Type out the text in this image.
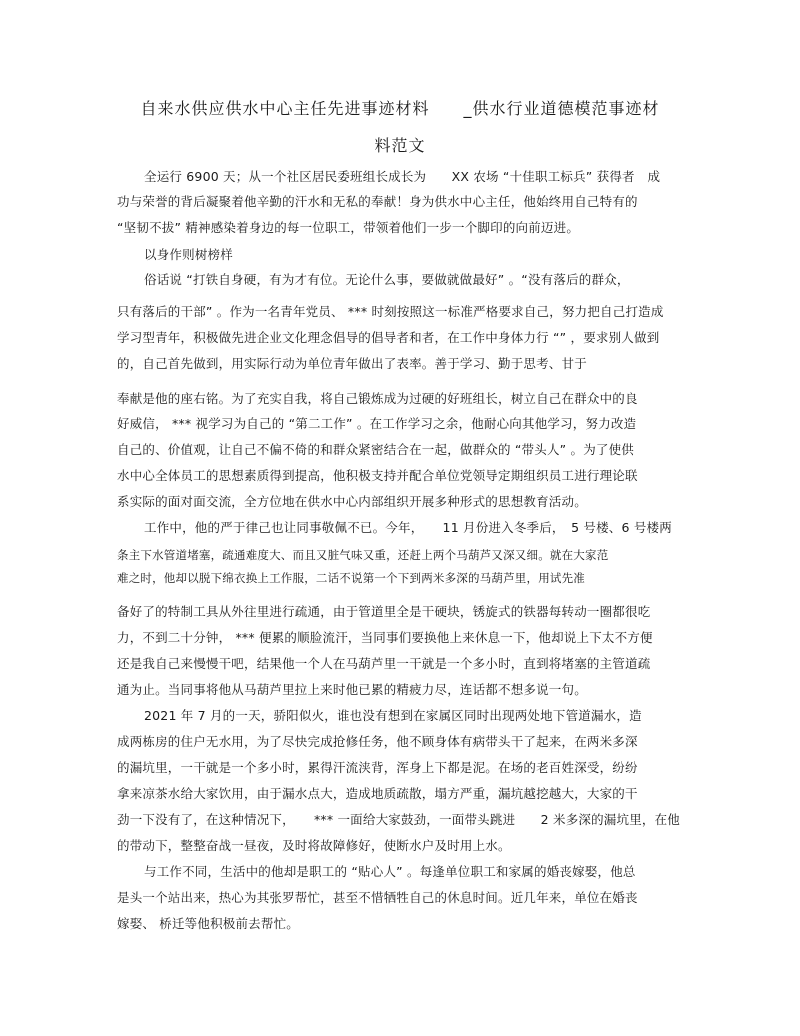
自来水供应供水中心主任先进事迹材料　　_供水行业道德模范事迹材
料范文
全运行 6900 天；从一个社区居民委班组长成长为　　XX 农场 “十佳职工标兵” 获得者　成
功与荣誉的背后凝聚着他辛勤的汗水和无私的奉献！身为供水中心主任，他始终用自己特有的
“坚韧不拔” 精神感染着身边的每一位职工，带领着他们一步一个脚印的向前迈进。
以身作则树榜样
俗话说 “打铁自身硬，有为才有位。无论什么事，要做就做最好” 。“没有落后的群众，
只有落后的干部” 。作为一名青年党员、 *** 时刻按照这一标准严格要求自己，努力把自己打造成
学习型青年，积极做先进企业文化理念倡导的倡导者和者，在工作中身体力行 “” ，要求别人做到
的，自己首先做到，用实际行动为单位青年做出了表率。善于学习、勤于思考、甘于
奉献是他的座右铭。为了充实自我，将自己锻炼成为过硬的好班组长，树立自己在群众中的良
好威信， *** 视学习为自己的 “第二工作” 。在工作学习之余，他耐心向其他学习，努力改造
自己的、价值观，让自己不偏不倚的和群众紧密结合在一起，做群众的 “带头人” 。为了使供
水中心全体员工的思想素质得到提高，他积极支持并配合单位党领导定期组织员工进行理论联
系实际的面对面交流，全方位地在供水中心内部组织开展多种形式的思想教育活动。
工作中，他的严于律己也让同事敬佩不已。今年，　　11 月份进入冬季后，　5 号楼、6 号楼两
条主下水管道堵塞，疏通难度大、而且又脏气味又重，还赶上两个马葫芦又深又细。就在大家范
难之时，他却以脱下绵衣换上工作服，二话不说第一个下到两米多深的马葫芦里，用试先准
备好了的特制工具从外往里进行疏通，由于管道里全是干硬块，锈旋式的铁器每转动一圈都很吃
力，不到二十分钟， *** 便累的顺脸流汗，当同事们要换他上来休息一下，他却说上下太不方便
还是我自己来慢慢干吧，结果他一个人在马葫芦里一干就是一个多小时，直到将堵塞的主管道疏
通为止。当同事将他从马葫芦里拉上来时他已累的精疲力尽，连话都不想多说一句。
2021 年 7 月的一天，骄阳似火，谁也没有想到在家属区同时出现两处地下管道漏水，造
成两栋房的住户无水用，为了尽快完成抢修任务，他不顾身体有病带头干了起来，在两米多深
的漏坑里，一干就是一个多小时，累得汗流浃背，浑身上下都是泥。在场的老百姓深受，纷纷
拿来凉茶水给大家饮用，由于漏水点大，造成地质疏散，塌方严重，漏坑越挖越大，大家的干
劲一下没有了，在这种情况下，　　*** 一面给大家鼓劲，一面带头跳进　　2 米多深的漏坑里，在他
的带动下，整整奋战一昼夜，及时将故障修好，使断水户及时用上水。
与工作不同，生活中的他却是职工的 “贴心人” 。每逢单位职工和家属的婚丧嫁娶，他总
是头一个站出来，热心为其张罗帮忙，甚至不惜牺牲自己的休息时间。近几年来，单位在婚丧
嫁娶、 桥迁等他积极前去帮忙。
